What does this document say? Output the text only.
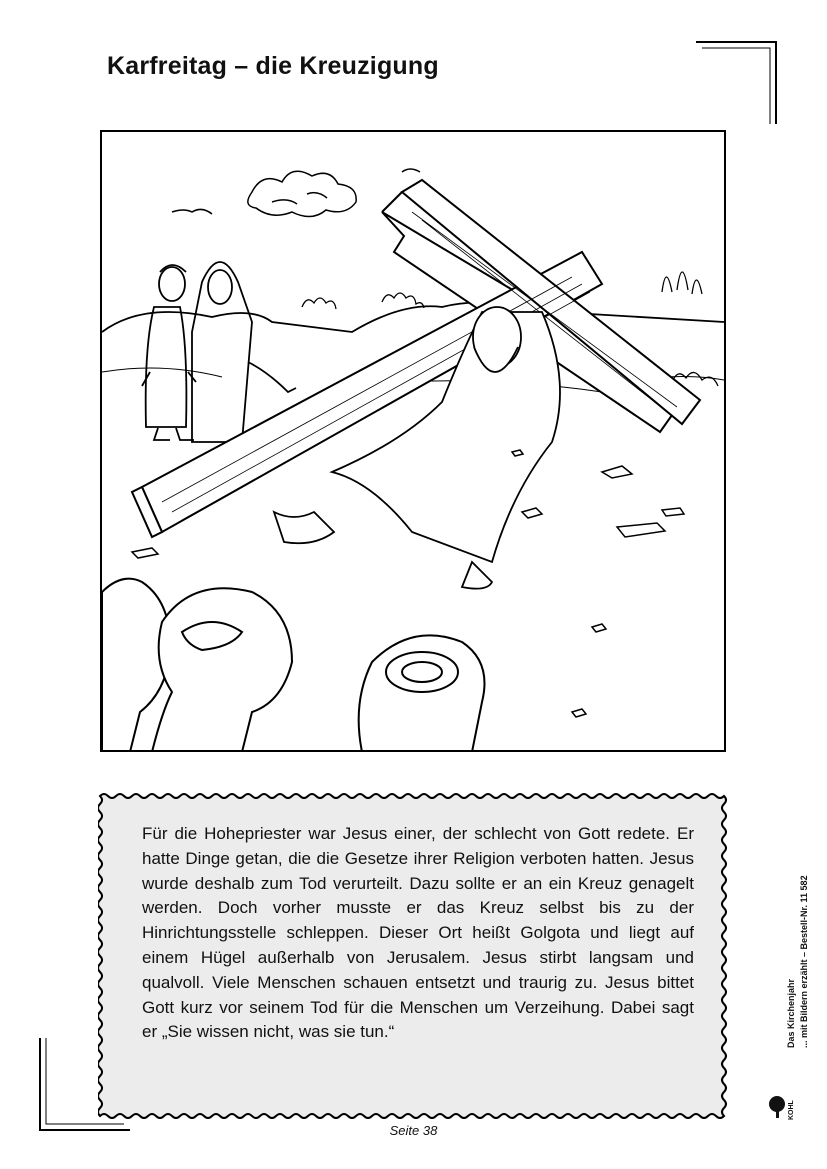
Karfreitag – die Kreuzigung

Für die Hohepriester war Jesus einer, der schlecht von Gott redete. Er hatte Dinge getan, die die Gesetze ihrer Religion verboten hatten. Jesus wurde deshalb zum Tod verurteilt. Dazu sollte er an ein Kreuz genagelt werden. Doch vorher musste er das Kreuz selbst bis zu der Hinrichtungsstelle schleppen. Dieser Ort heißt Golgota und liegt auf einem Hügel außerhalb von Jerusalem. Jesus stirbt langsam und qualvoll. Viele Menschen schauen entsetzt und traurig zu. Jesus bittet Gott kurz vor seinem Tod für die Menschen um Verzeihung. Dabei sagt er „Sie wissen nicht, was sie tun.“

Seite 38
Das Kirchenjahr ... mit Bildern erzählt – Bestell-Nr. 11 582
KOHL
